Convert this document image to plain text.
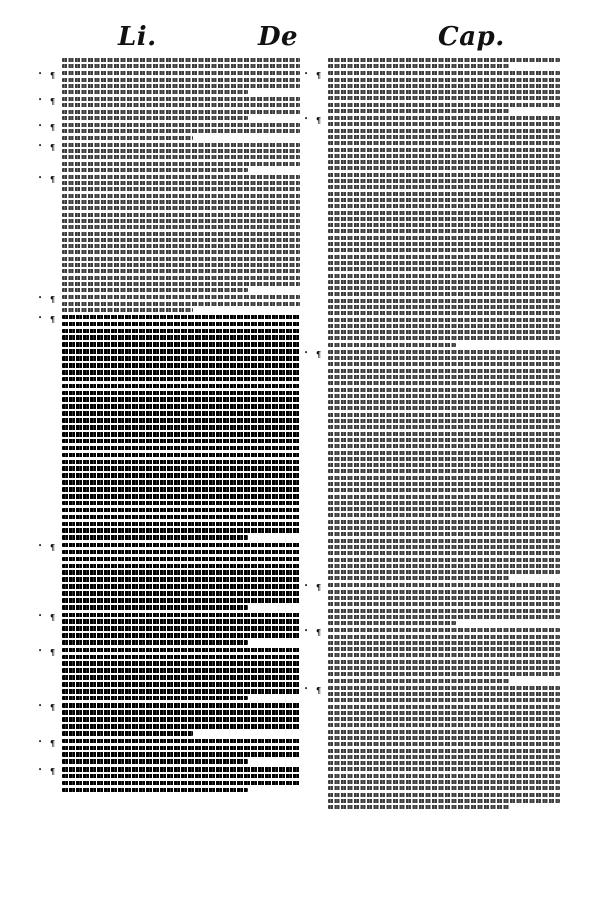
Li.	De	Cap.
¶
•
¶
•
¶
•
¶
•
¶
•
¶
•
¶
•
¶
•
¶
•
¶
•
¶
•
¶
•
¶
•
¶
•
¶
•
¶
•
¶
•
¶
•
¶
•
